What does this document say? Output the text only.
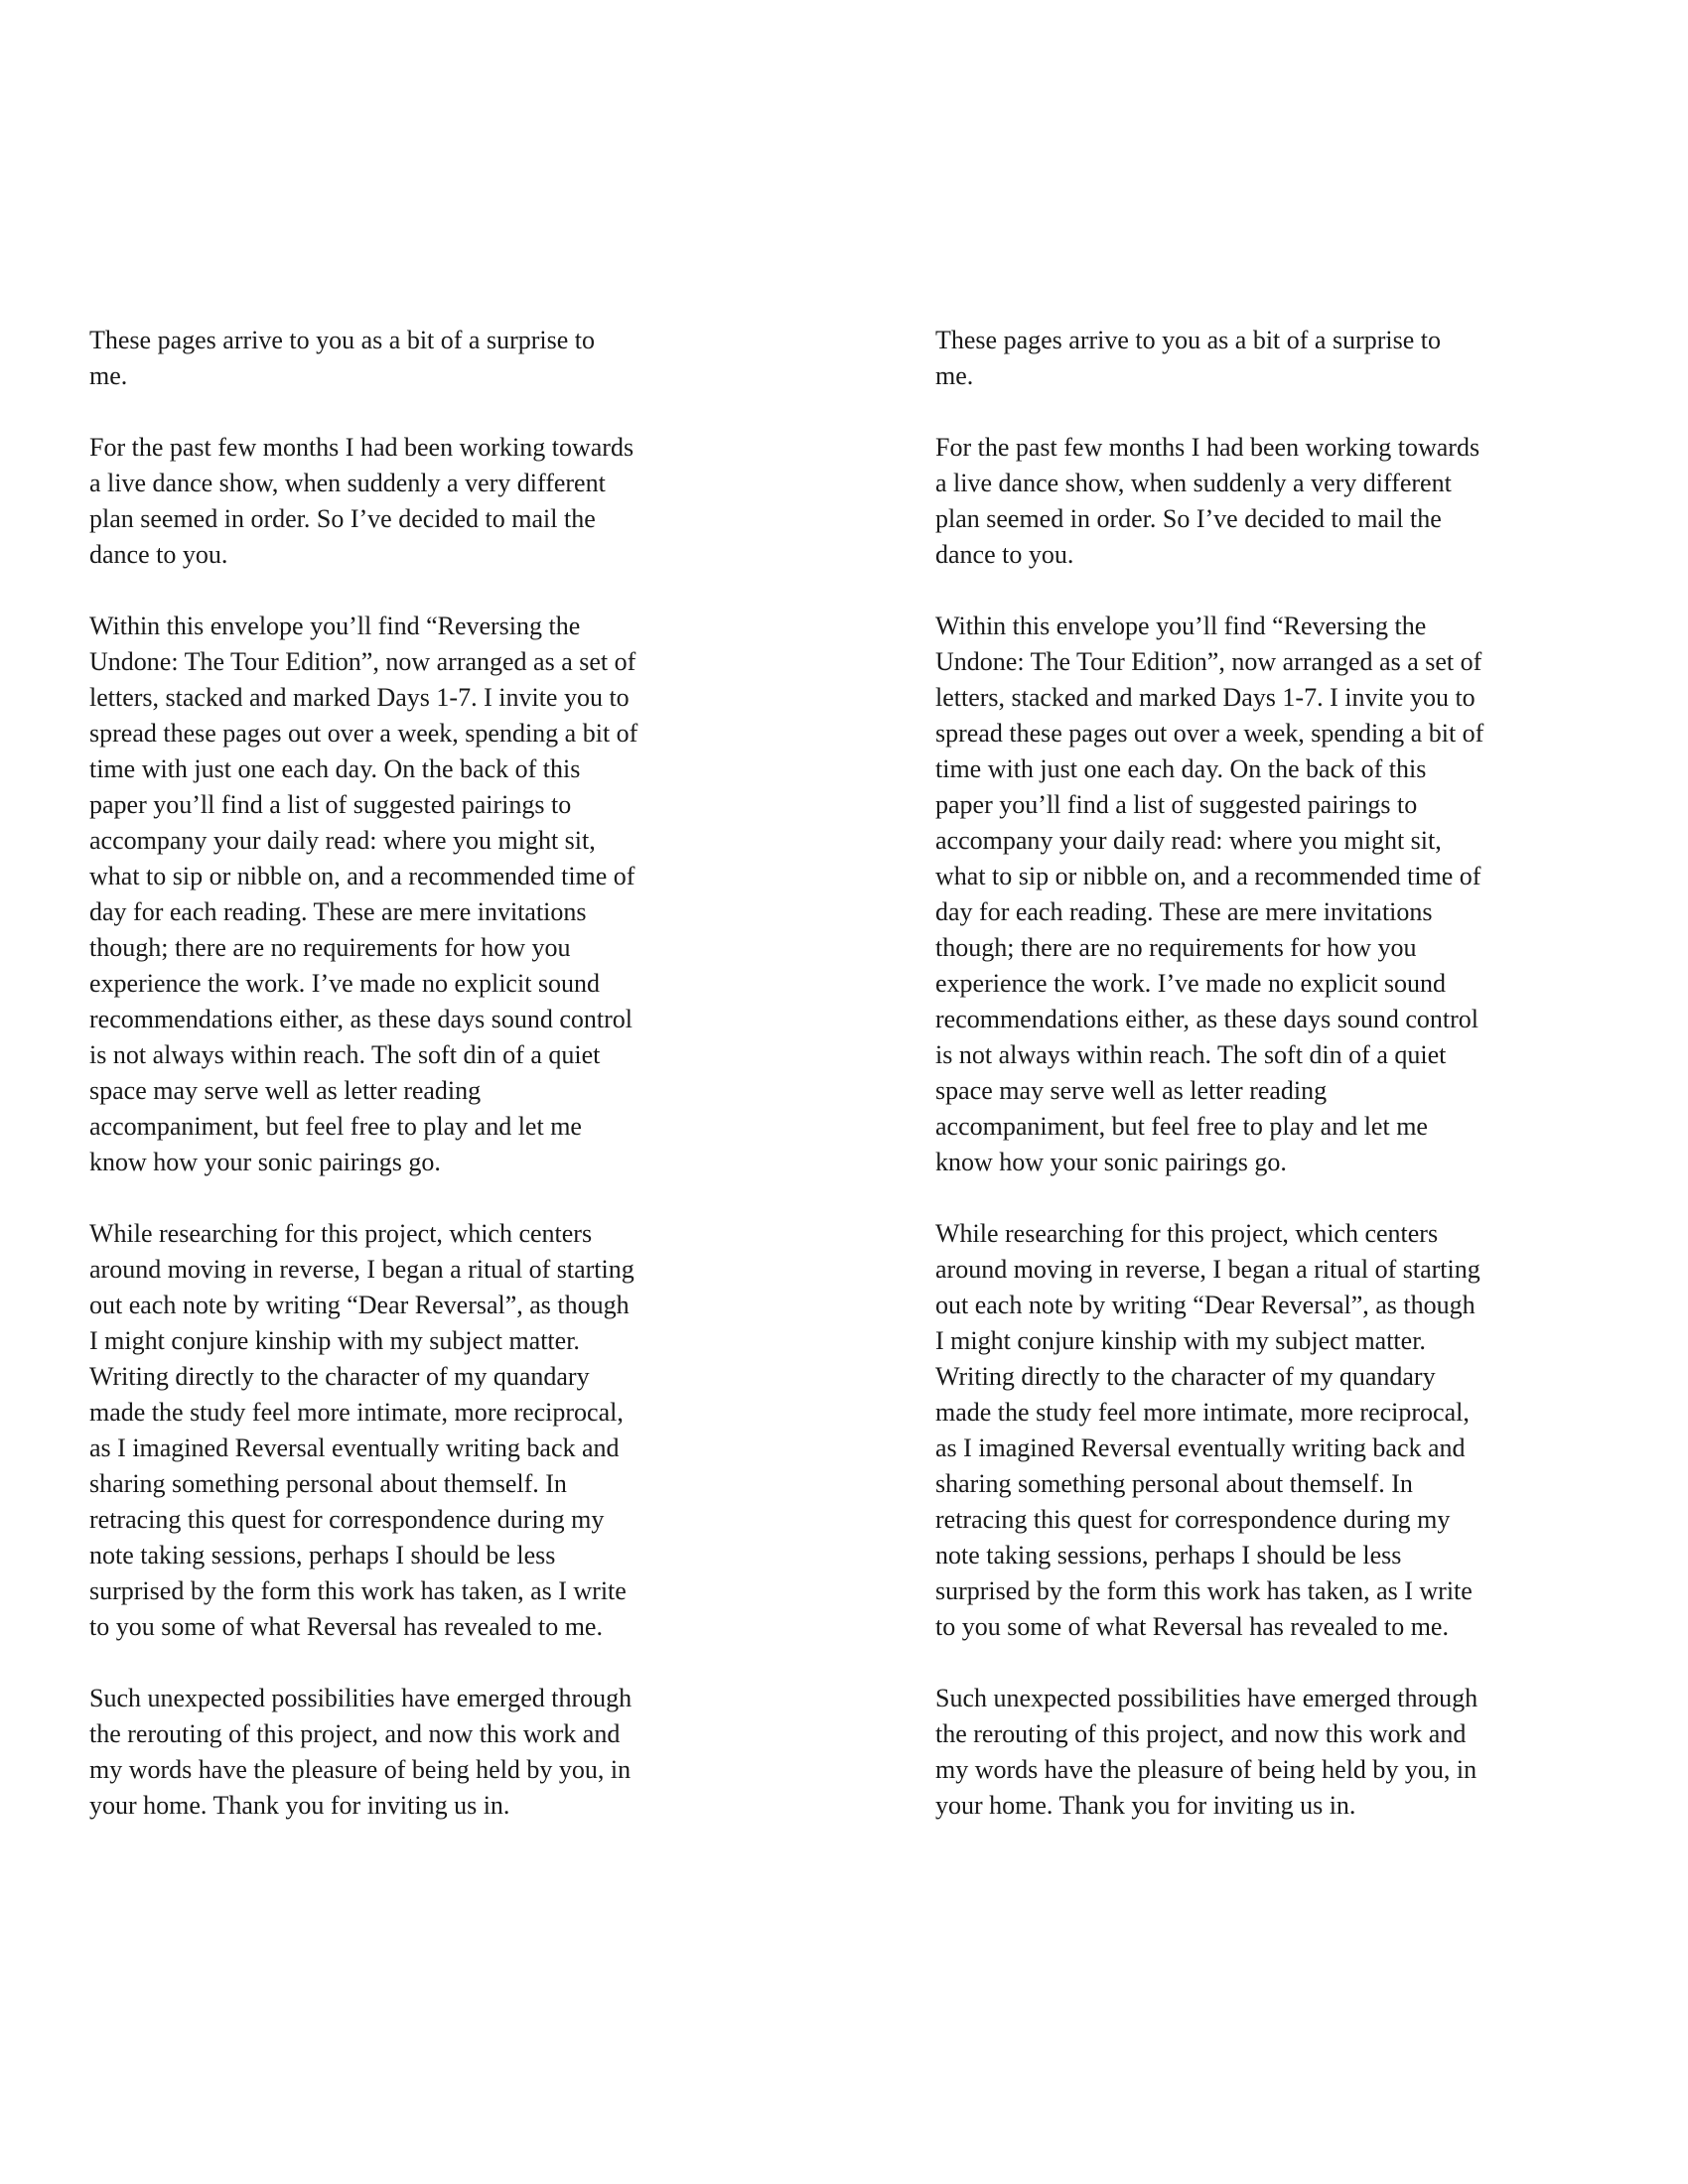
These pages arrive to you as a bit of a surprise to
me.

For the past few months I had been working towards
a live dance show, when suddenly a very different
plan seemed in order. So I’ve decided to mail the
dance to you.

Within this envelope you’ll find “Reversing the
Undone: The Tour Edition”, now arranged as a set of
letters, stacked and marked Days 1-7. I invite you to
spread these pages out over a week, spending a bit of
time with just one each day. On the back of this
paper you’ll find a list of suggested pairings to
accompany your daily read: where you might sit,
what to sip or nibble on, and a recommended time of
day for each reading. These are mere invitations
though; there are no requirements for how you
experience the work. I’ve made no explicit sound
recommendations either, as these days sound control
is not always within reach. The soft din of a quiet
space may serve well as letter reading
accompaniment, but feel free to play and let me
know how your sonic pairings go.

While researching for this project, which centers
around moving in reverse, I began a ritual of starting
out each note by writing “Dear Reversal”, as though
I might conjure kinship with my subject matter.
Writing directly to the character of my quandary
made the study feel more intimate, more reciprocal,
as I imagined Reversal eventually writing back and
sharing something personal about themself. In
retracing this quest for correspondence during my
note taking sessions, perhaps I should be less
surprised by the form this work has taken, as I write
to you some of what Reversal has revealed to me.

Such unexpected possibilities have emerged through
the rerouting of this project, and now this work and
my words have the pleasure of being held by you, in
your home. Thank you for inviting us in.

These pages arrive to you as a bit of a surprise to
me.

For the past few months I had been working towards
a live dance show, when suddenly a very different
plan seemed in order. So I’ve decided to mail the
dance to you.

Within this envelope you’ll find “Reversing the
Undone: The Tour Edition”, now arranged as a set of
letters, stacked and marked Days 1-7. I invite you to
spread these pages out over a week, spending a bit of
time with just one each day. On the back of this
paper you’ll find a list of suggested pairings to
accompany your daily read: where you might sit,
what to sip or nibble on, and a recommended time of
day for each reading. These are mere invitations
though; there are no requirements for how you
experience the work. I’ve made no explicit sound
recommendations either, as these days sound control
is not always within reach. The soft din of a quiet
space may serve well as letter reading
accompaniment, but feel free to play and let me
know how your sonic pairings go.

While researching for this project, which centers
around moving in reverse, I began a ritual of starting
out each note by writing “Dear Reversal”, as though
I might conjure kinship with my subject matter.
Writing directly to the character of my quandary
made the study feel more intimate, more reciprocal,
as I imagined Reversal eventually writing back and
sharing something personal about themself. In
retracing this quest for correspondence during my
note taking sessions, perhaps I should be less
surprised by the form this work has taken, as I write
to you some of what Reversal has revealed to me.

Such unexpected possibilities have emerged through
the rerouting of this project, and now this work and
my words have the pleasure of being held by you, in
your home. Thank you for inviting us in.
